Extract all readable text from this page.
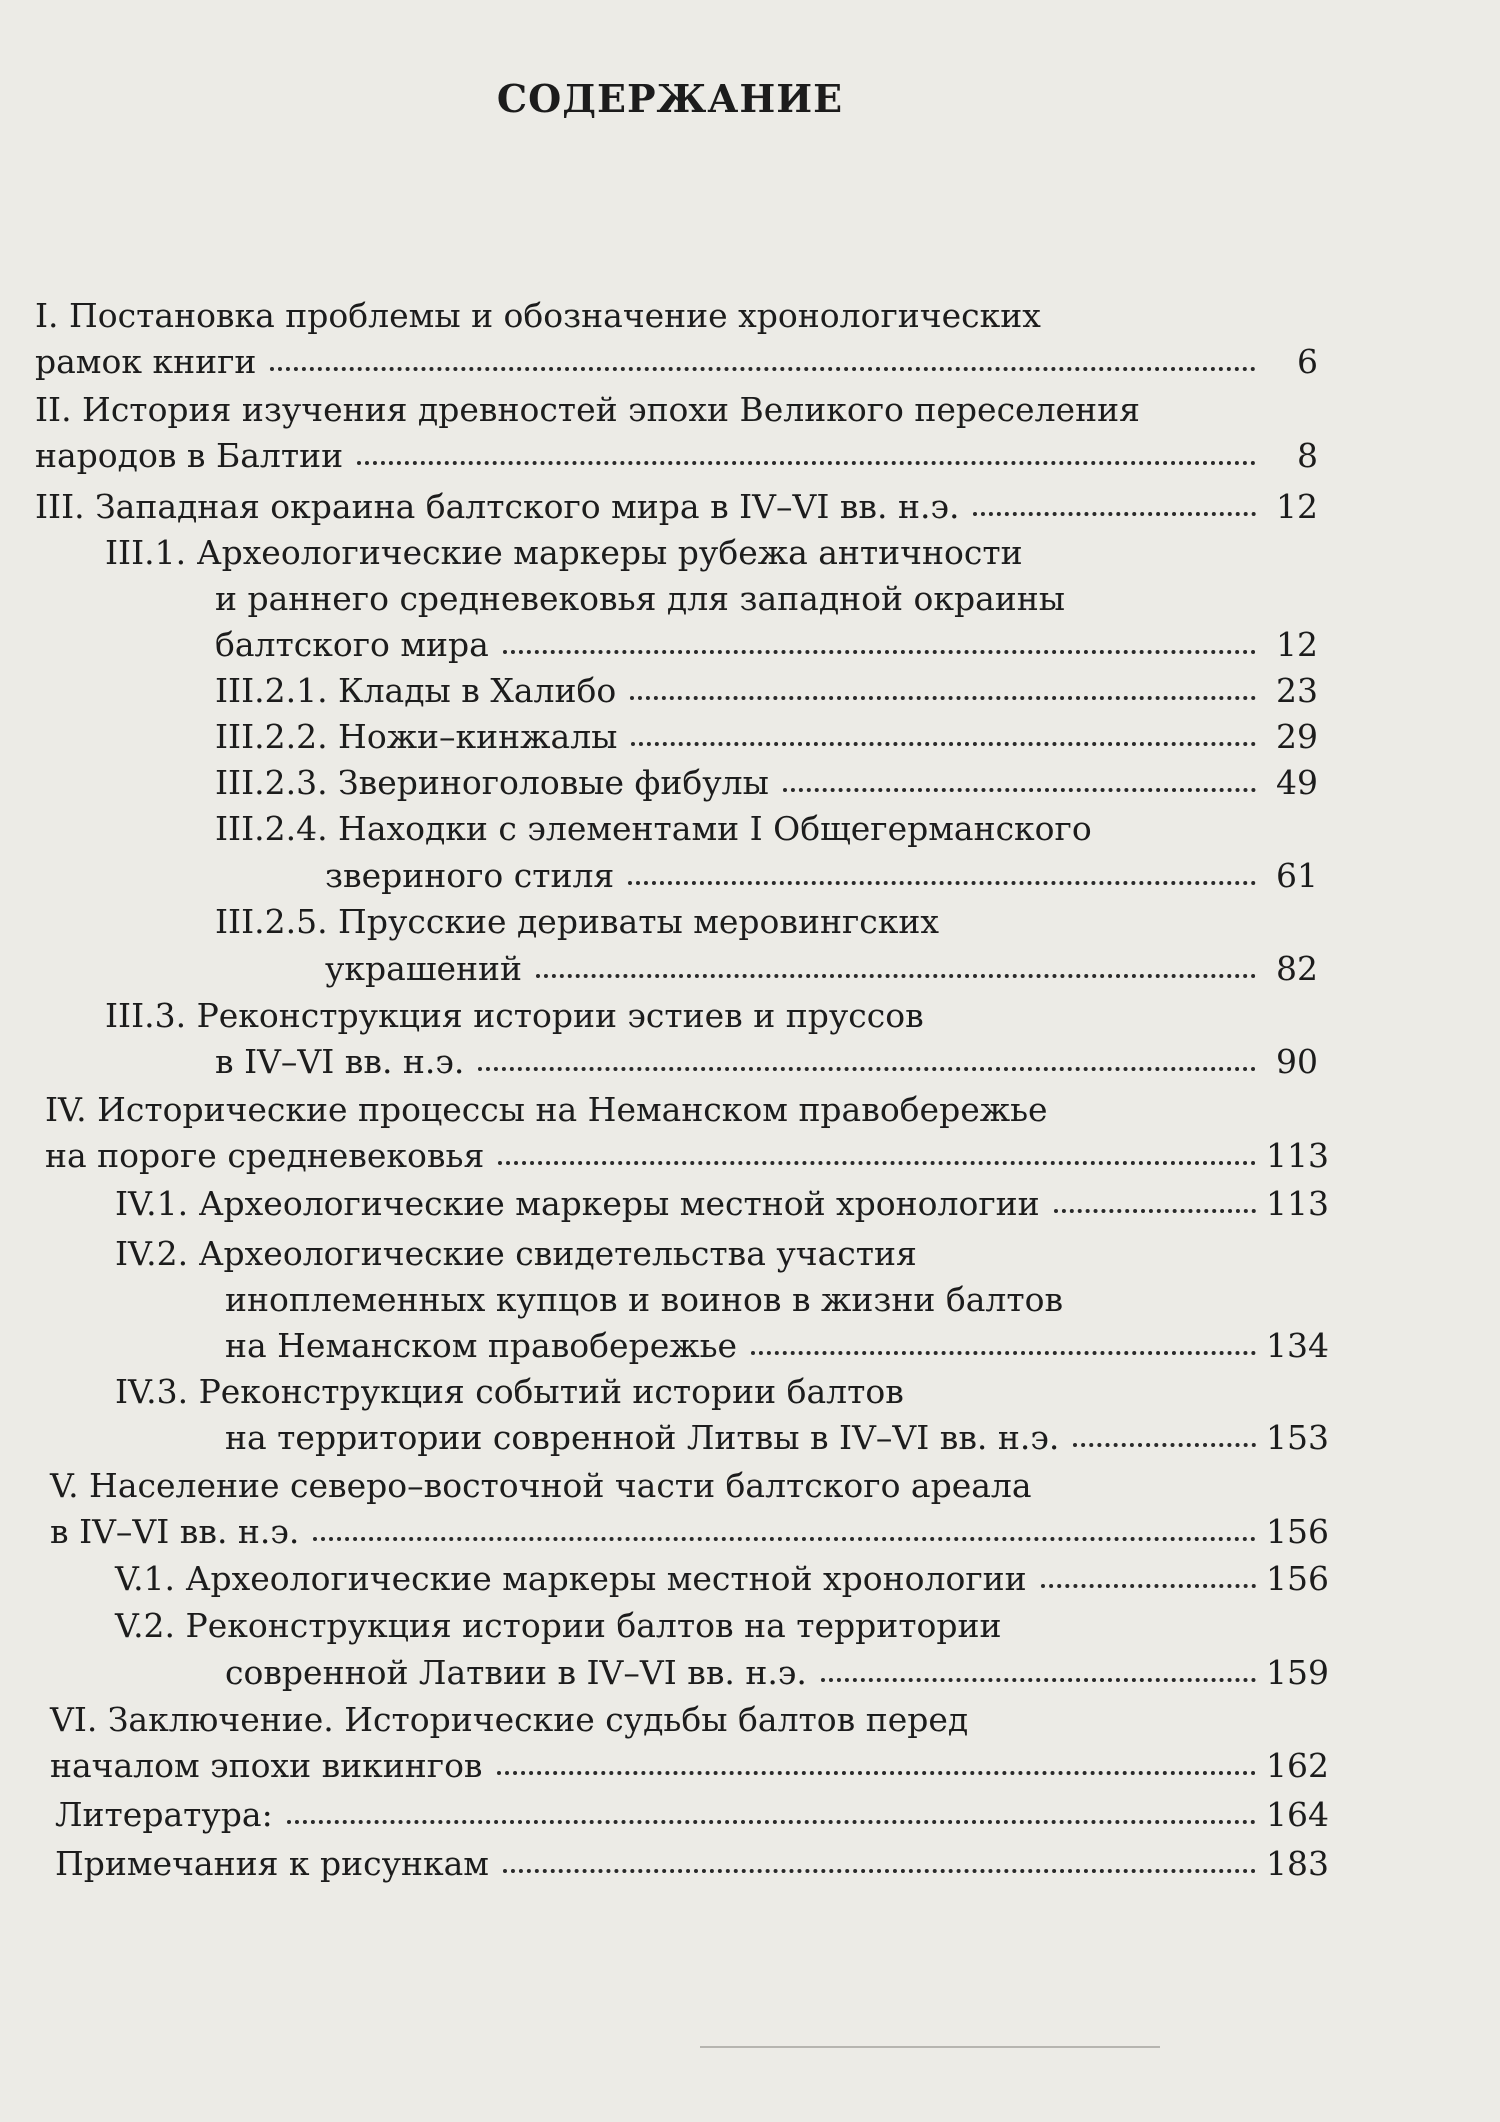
СОДЕРЖАНИЕ
I. Постановка проблемы и обозначение хронологических
рамок книги	6
II. История изучения древностей эпохи Великого переселения
народов в Балтии	8
III. Западная окраина балтского мира в IV–VI вв. н.э.	12
III.1. Археологические маркеры рубежа античности
и раннего средневековья для западной окраины
балтского мира	12
III.2.1. Клады в Халибо	23
III.2.2. Ножи–кинжалы	29
III.2.3. Звериноголовые фибулы	49
III.2.4. Находки с элементами I Общегерманского
звериного стиля	61
III.2.5. Прусские дериваты меровингских
украшений	82
III.3. Реконструкция истории эстиев и пруссов
в IV–VI вв. н.э.	90
IV. Исторические процессы на Неманском правобережье
на пороге средневековья	113
IV.1. Археологические маркеры местной хронологии	113
IV.2. Археологические свидетельства участия
иноплеменных купцов и воинов в жизни балтов
на Неманском правобережье	134
IV.3. Реконструкция событий истории балтов
на территории совренной Литвы в IV–VI вв. н.э.	153
V. Население северо–восточной части балтского ареала
в IV–VI вв. н.э.	156
V.1. Археологические маркеры местной хронологии	156
V.2. Реконструкция истории балтов на территории
совренной Латвии в IV–VI вв. н.э.	159
VI. Заключение. Исторические судьбы балтов перед
началом эпохи викингов	162
Литература:	164
Примечания к рисункам	183
